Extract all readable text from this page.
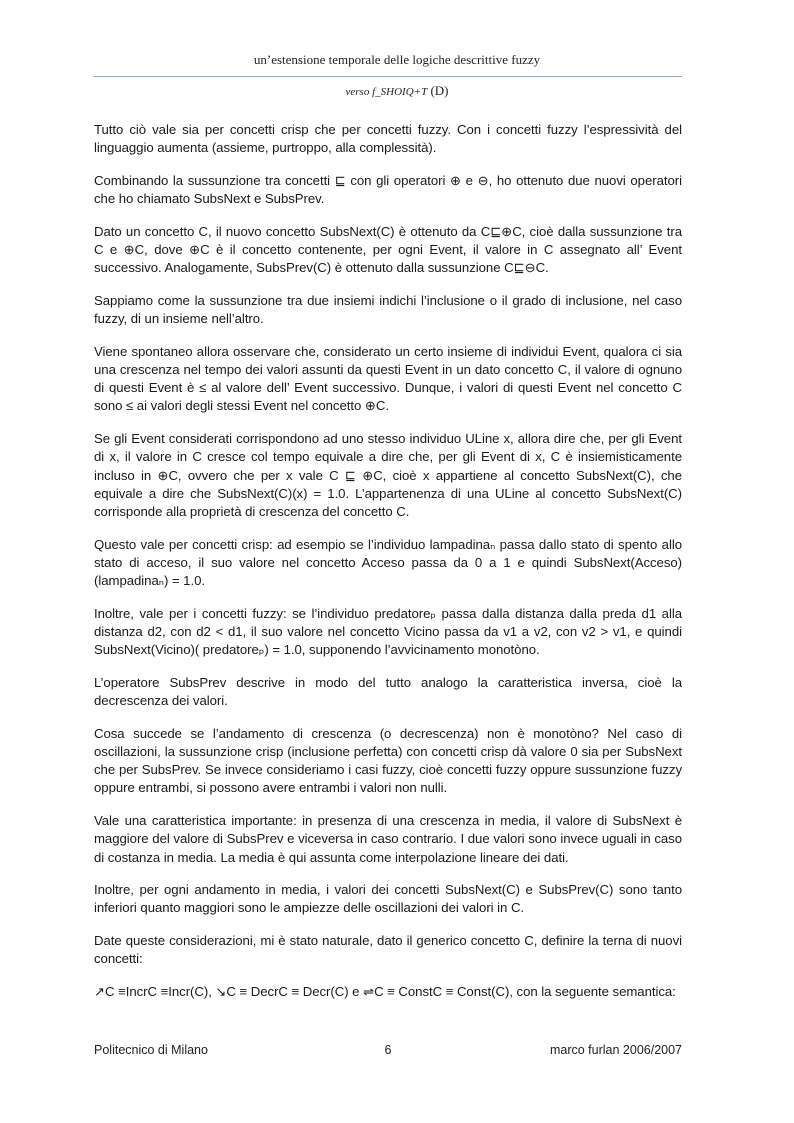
un’estensione temporale delle logiche descrittive fuzzy
verso f_SHOIQ+T (D)

Tutto ciò vale sia per concetti crisp che per concetti fuzzy. Con i concetti fuzzy l’espressività del linguaggio aumenta (assieme, purtroppo, alla complessità).

Combinando la sussunzione tra concetti ⊑ con gli operatori ⊕ e ⊖, ho ottenuto due nuovi operatori che ho chiamato SubsNext e SubsPrev.

Dato un concetto C, il nuovo concetto SubsNext(C) è ottenuto da C⊑⊕C, cioè dalla sussunzione tra C e ⊕C, dove ⊕C è il concetto contenente, per ogni Event, il valore in C assegnato all’ Event successivo. Analogamente, SubsPrev(C) è ottenuto dalla sussunzione C⊑⊖C.

Sappiamo come la sussunzione tra due insiemi indichi l’inclusione o il grado di inclusione, nel caso fuzzy, di un insieme nell’altro.

Viene spontaneo allora osservare che, considerato un certo insieme di individui Event, qualora ci sia una crescenza nel tempo dei valori assunti da questi Event in un dato concetto C, il valore di ognuno di questi Event è ≤ al valore dell’ Event successivo. Dunque, i valori di questi Event nel concetto C sono ≤ ai valori degli stessi Event nel concetto ⊕C.

Se gli Event considerati corrispondono ad uno stesso individuo ULine x, allora dire che, per gli Event di x, il valore in C cresce col tempo equivale a dire che, per gli Event di x, C è insiemisticamente incluso in ⊕C, ovvero che per x vale C ⊑ ⊕C, cioè x appartiene al concetto SubsNext(C), che equivale a dire che SubsNext(C)(x) = 1.0. L’appartenenza di una ULine al concetto SubsNext(C) corrisponde alla proprietà di crescenza del concetto C.

Questo vale per concetti crisp: ad esempio se l’individuo lampadinaₙ passa dallo stato di spento allo stato di acceso, il suo valore nel concetto Acceso passa da 0 a 1 e quindi SubsNext(Acceso)(lampadinaₙ) = 1.0.

Inoltre, vale per i concetti fuzzy: se l’individuo predatoreₚ passa dalla distanza dalla preda d1 alla distanza d2, con d2 < d1, il suo valore nel concetto Vicino passa da v1 a v2, con v2 > v1, e quindi SubsNext(Vicino)( predatoreₚ) = 1.0, supponendo l’avvicinamento monotòno.

L’operatore SubsPrev descrive in modo del tutto analogo la caratteristica inversa, cioè la decrescenza dei valori.

Cosa succede se l’andamento di crescenza (o decrescenza) non è monotòno? Nel caso di oscillazioni, la sussunzione crisp (inclusione perfetta) con concetti crisp dà valore 0 sia per SubsNext che per SubsPrev. Se invece consideriamo i casi fuzzy, cioè concetti fuzzy oppure sussunzione fuzzy oppure entrambi, si possono avere entrambi i valori non nulli.

Vale una caratteristica importante: in presenza di una crescenza in media, il valore di SubsNext è maggiore del valore di SubsPrev e viceversa in caso contrario. I due valori sono invece uguali in caso di costanza in media. La media è qui assunta come interpolazione lineare dei dati.

Inoltre, per ogni andamento in media, i valori dei concetti SubsNext(C) e SubsPrev(C) sono tanto inferiori quanto maggiori sono le ampiezze delle oscillazioni dei valori in C.

Date queste considerazioni, mi è stato naturale, dato il generico concetto C, definire la terna di nuovi concetti:

↗C ≡IncrC ≡Incr(C), ↘C ≡ DecrC ≡ Decr(C) e ⇌C ≡ ConstC ≡ Const(C), con la seguente semantica:

Politecnico di Milano	6	marco furlan 2006/2007
